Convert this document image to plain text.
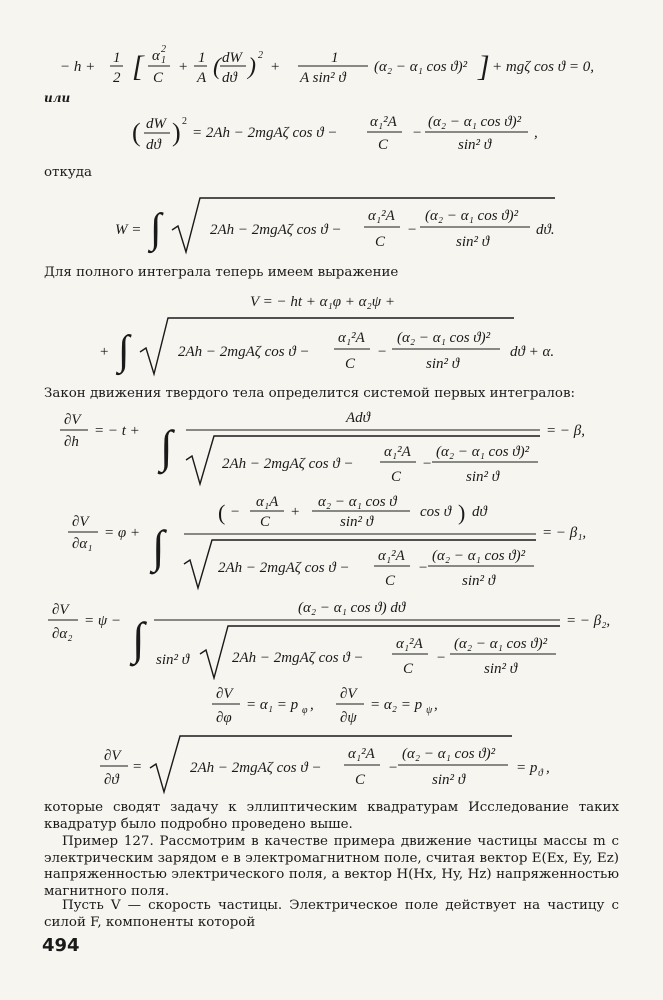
− h +
1
2 [ α 1
2
C
+
1
A ( dW
dϑ ) 2
+
1
A sin² ϑ
(α₂ − α₁ cos ϑ)² ] + mgζ cos ϑ = 0,
или
( dW
dϑ ) 2
= 2Ah − 2mgAζ cos ϑ −
α₁²A
C
−
(α₂ − α₁ cos ϑ)²
sin² ϑ
,
откуда
W = ∫	2Ah − 2mgAζ cos ϑ −
α₁²A
C
−
(α₂ − α₁ cos ϑ)²
sin² ϑ
dϑ.
Для полного интеграла теперь имеем выражение
V = − ht + α₁φ + α₂ψ +
+ ∫	2Ah − 2mgAζ cos ϑ −
α₁²A
C
−
(α₂ − α₁ cos ϑ)²
sin² ϑ
dϑ + α.
Закон движения твердого тела определится системой первых интегралов:
∂V
∂h
= − t + ∫
Adϑ
2Ah − 2mgAζ cos ϑ −
α₁²A
C
−
(α₂ − α₁ cos ϑ)²
sin² ϑ
= − β,
∂V
∂α₁
= φ + ∫
( −
α₁A
C
+
α₂ − α₁ cos ϑ
sin² ϑ
cos ϑ ) dϑ
2Ah − 2mgAζ cos ϑ −
α₁²A
C
−
(α₂ − α₁ cos ϑ)²
sin² ϑ
= − β₁,
∂V
∂α₂
= ψ − ∫
(α₂ − α₁ cos ϑ) dϑ
sin² ϑ	2Ah − 2mgAζ cos ϑ −
α₁²A
C
−
(α₂ − α₁ cos ϑ)²
sin² ϑ
= − β₂,
∂V
∂φ
= α₁ = p φ ,
∂V
∂ψ
= α₂ = p ψ ,
∂V
∂ϑ
=	2Ah − 2mgAζ cos ϑ −
α₁²A
C
−
(α₂ − α₁ cos ϑ)²
sin² ϑ
= p ϑ ,
которые сводят задачу к эллиптическим квадратурам Исследование таких квадратур было подробно проведено выше.
Пример 127. Рассмотрим в качестве примера движение частицы массы m с электрическим зарядом e в электромагнитном поле, считая вектор E(Ex, Ey, Ez) напряженностью электрического поля, а вектор H(Hx, Hy, Hz) напряженностью магнитного поля.
Пусть V — скорость частицы. Электрическое поле действует на частицу с силой F, компоненты которой
494
